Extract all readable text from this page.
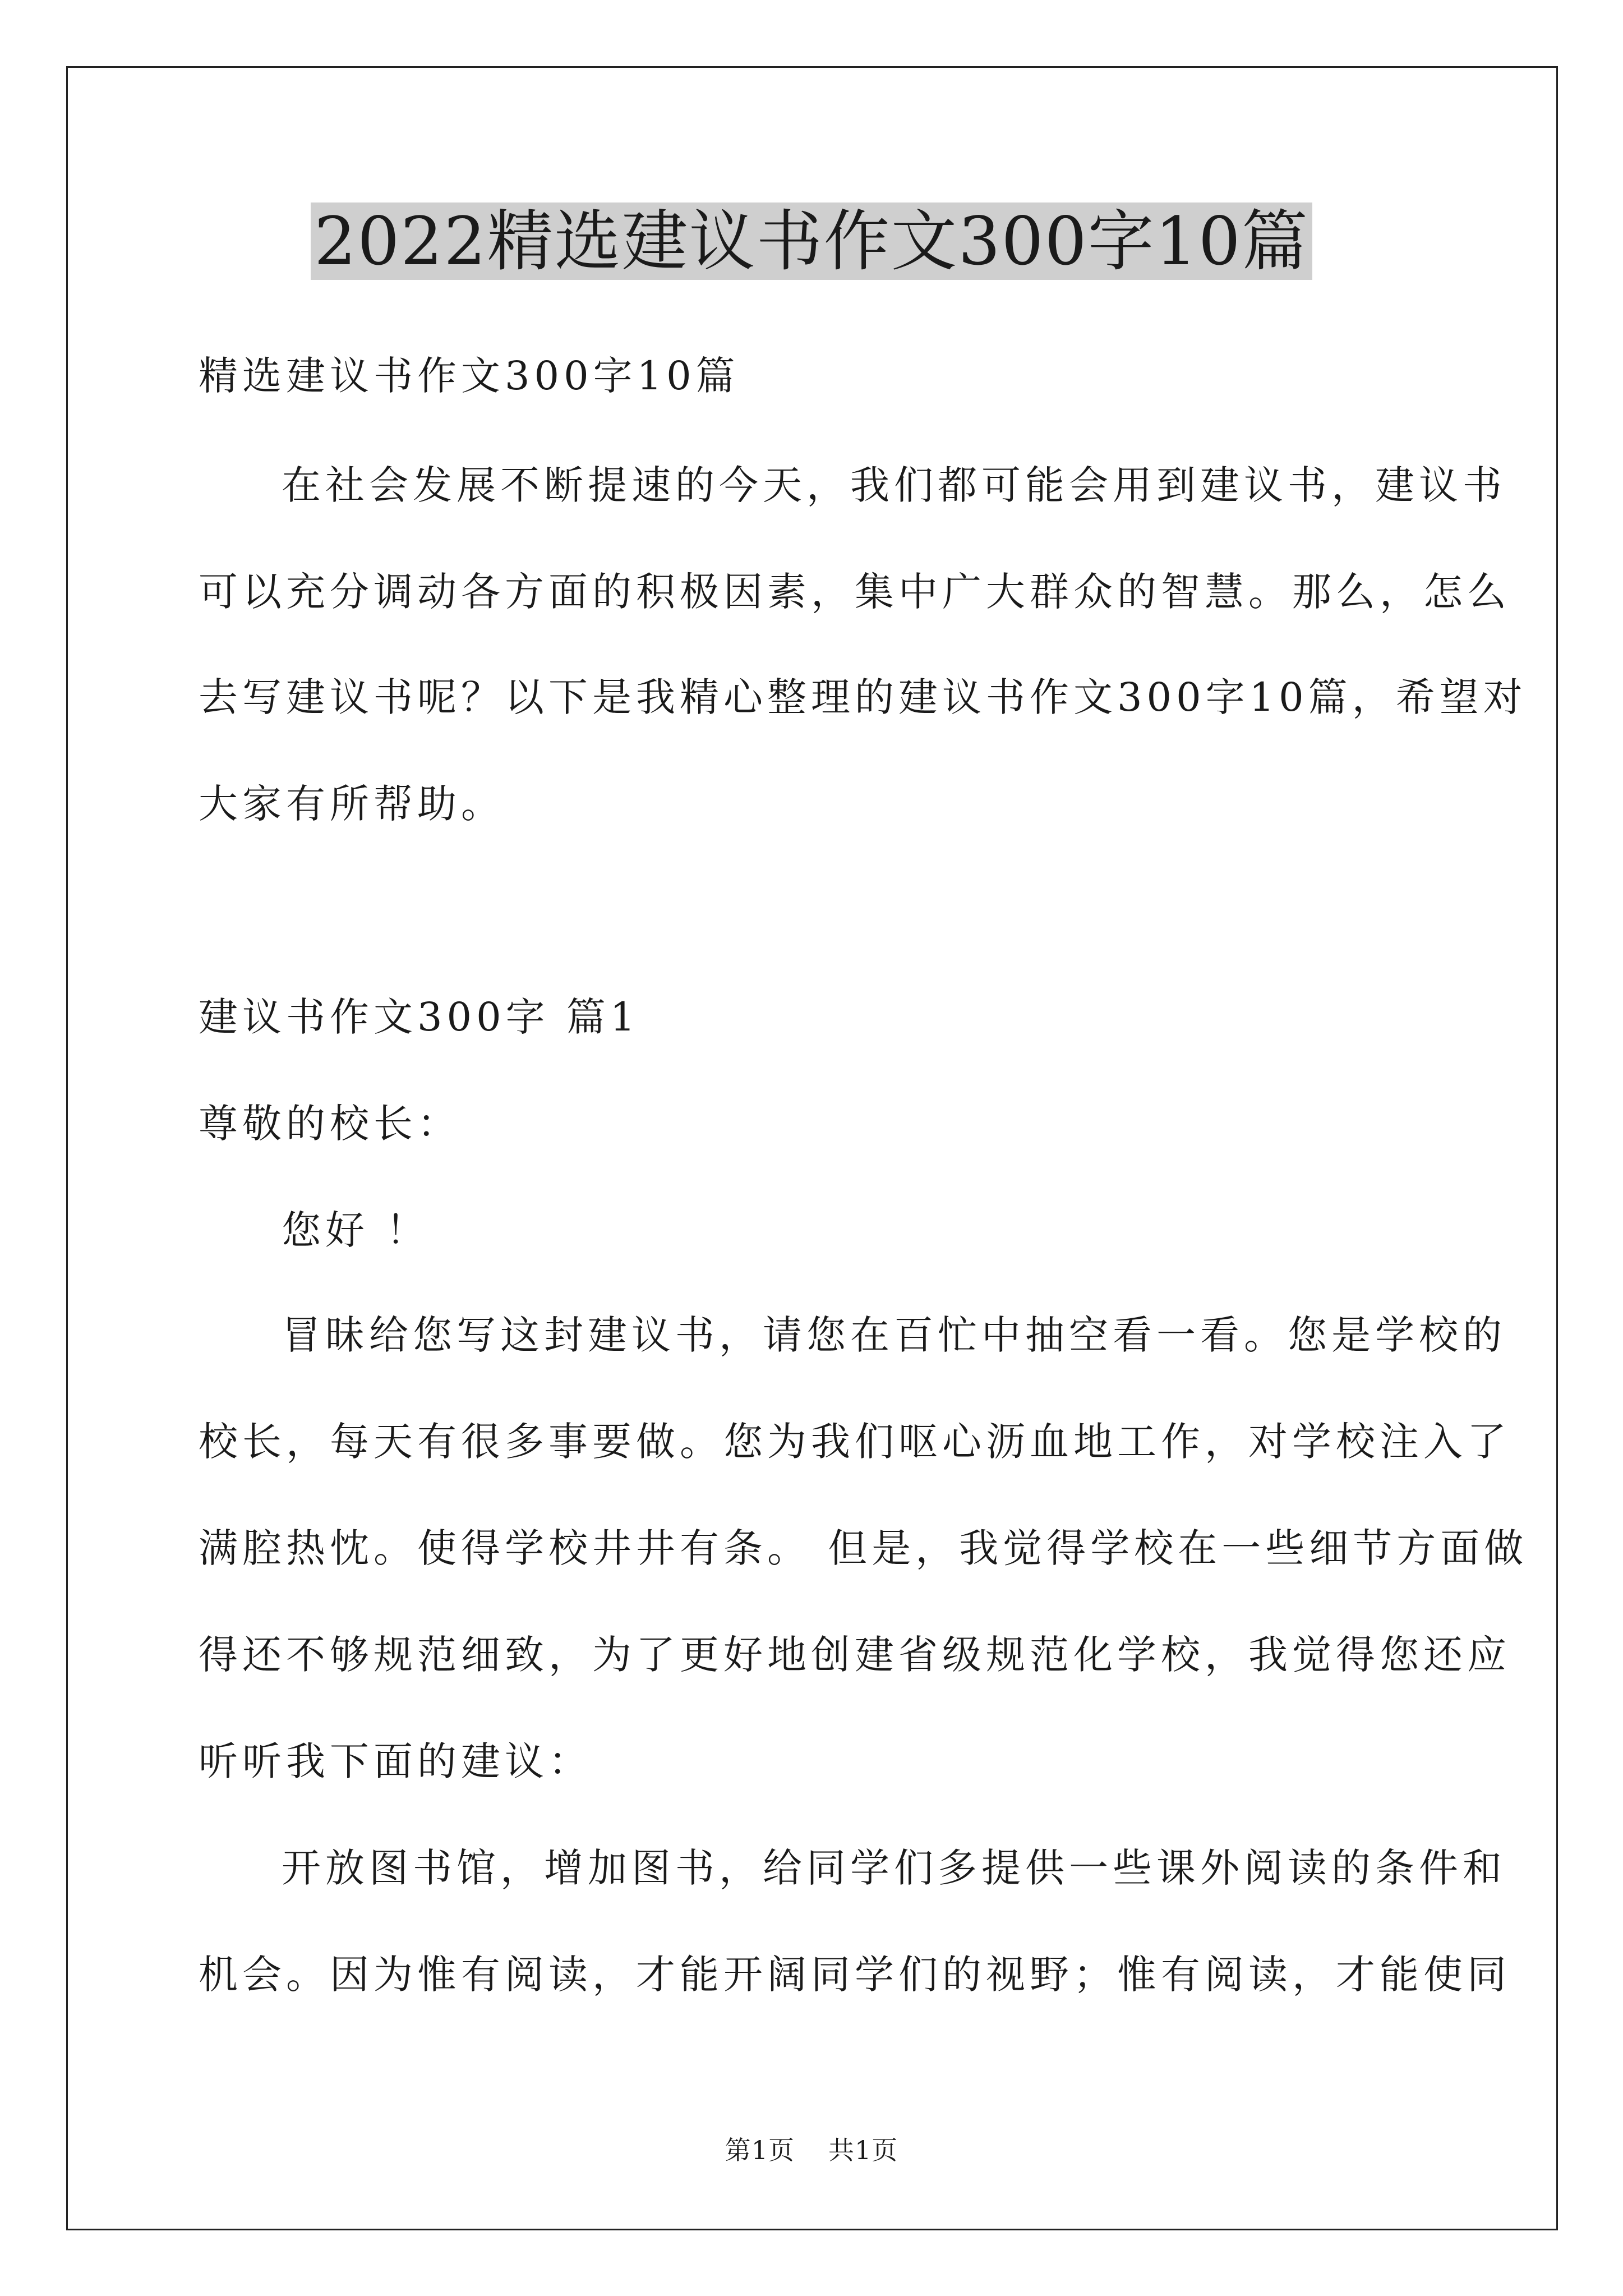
2022精选建议书作文300字10篇
精选建议书作文300字10篇
在社会发展不断提速的今天，我们都可能会用到建议书，建议书
可以充分调动各方面的积极因素，集中广大群众的智慧。那么，怎么
去写建议书呢？以下是我精心整理的建议书作文300字10篇，希望对
大家有所帮助。
建议书作文300字 篇1
尊敬的校长：
您好 ！
冒昧给您写这封建议书，请您在百忙中抽空看一看。您是学校的
校长，每天有很多事要做。您为我们呕心沥血地工作，对学校注入了
满腔热忱。使得学校井井有条。 但是，我觉得学校在一些细节方面做
得还不够规范细致，为了更好地创建省级规范化学校，我觉得您还应
听听我下面的建议：
开放图书馆，增加图书，给同学们多提供一些课外阅读的条件和
机会。因为惟有阅读，才能开阔同学们的视野；惟有阅读，才能使同
第1页 共1页
